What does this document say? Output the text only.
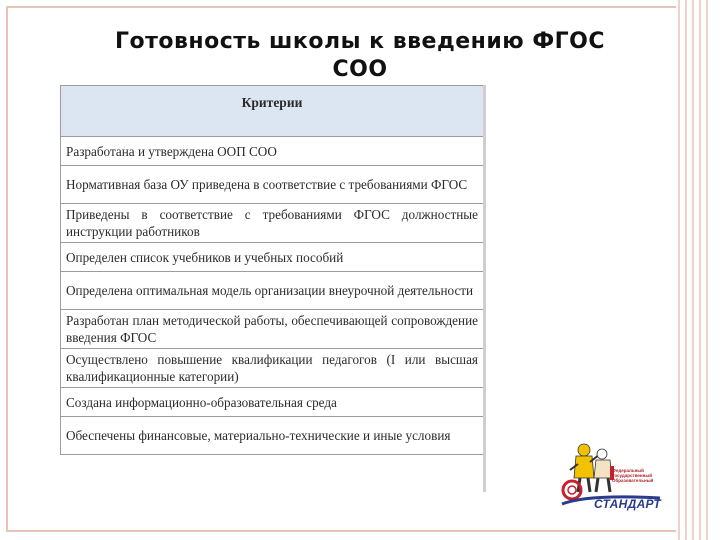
Готовность школы к введению ФГОС
СОО
Критерии
Разработана и утверждена ООП СОО
Нормативная база ОУ приведена в соответствие с требованиями ФГОС
Приведены в соответствие с требованиями ФГОС должностные инструкции работников
Определен список учебников и учебных пособий
Определена оптимальная модель организации внеурочной деятельности
Разработан план методической работы, обеспечивающей сопровождение введения ФГОС
Осуществлено повышение квалификации педагогов (I или высшая квалификационные категории)
Создана информационно-образовательная среда
Обеспечены финансовые, материально-технические и иные условия
Федеральный
Государственный
Образовательный
СТАНДАРТ
